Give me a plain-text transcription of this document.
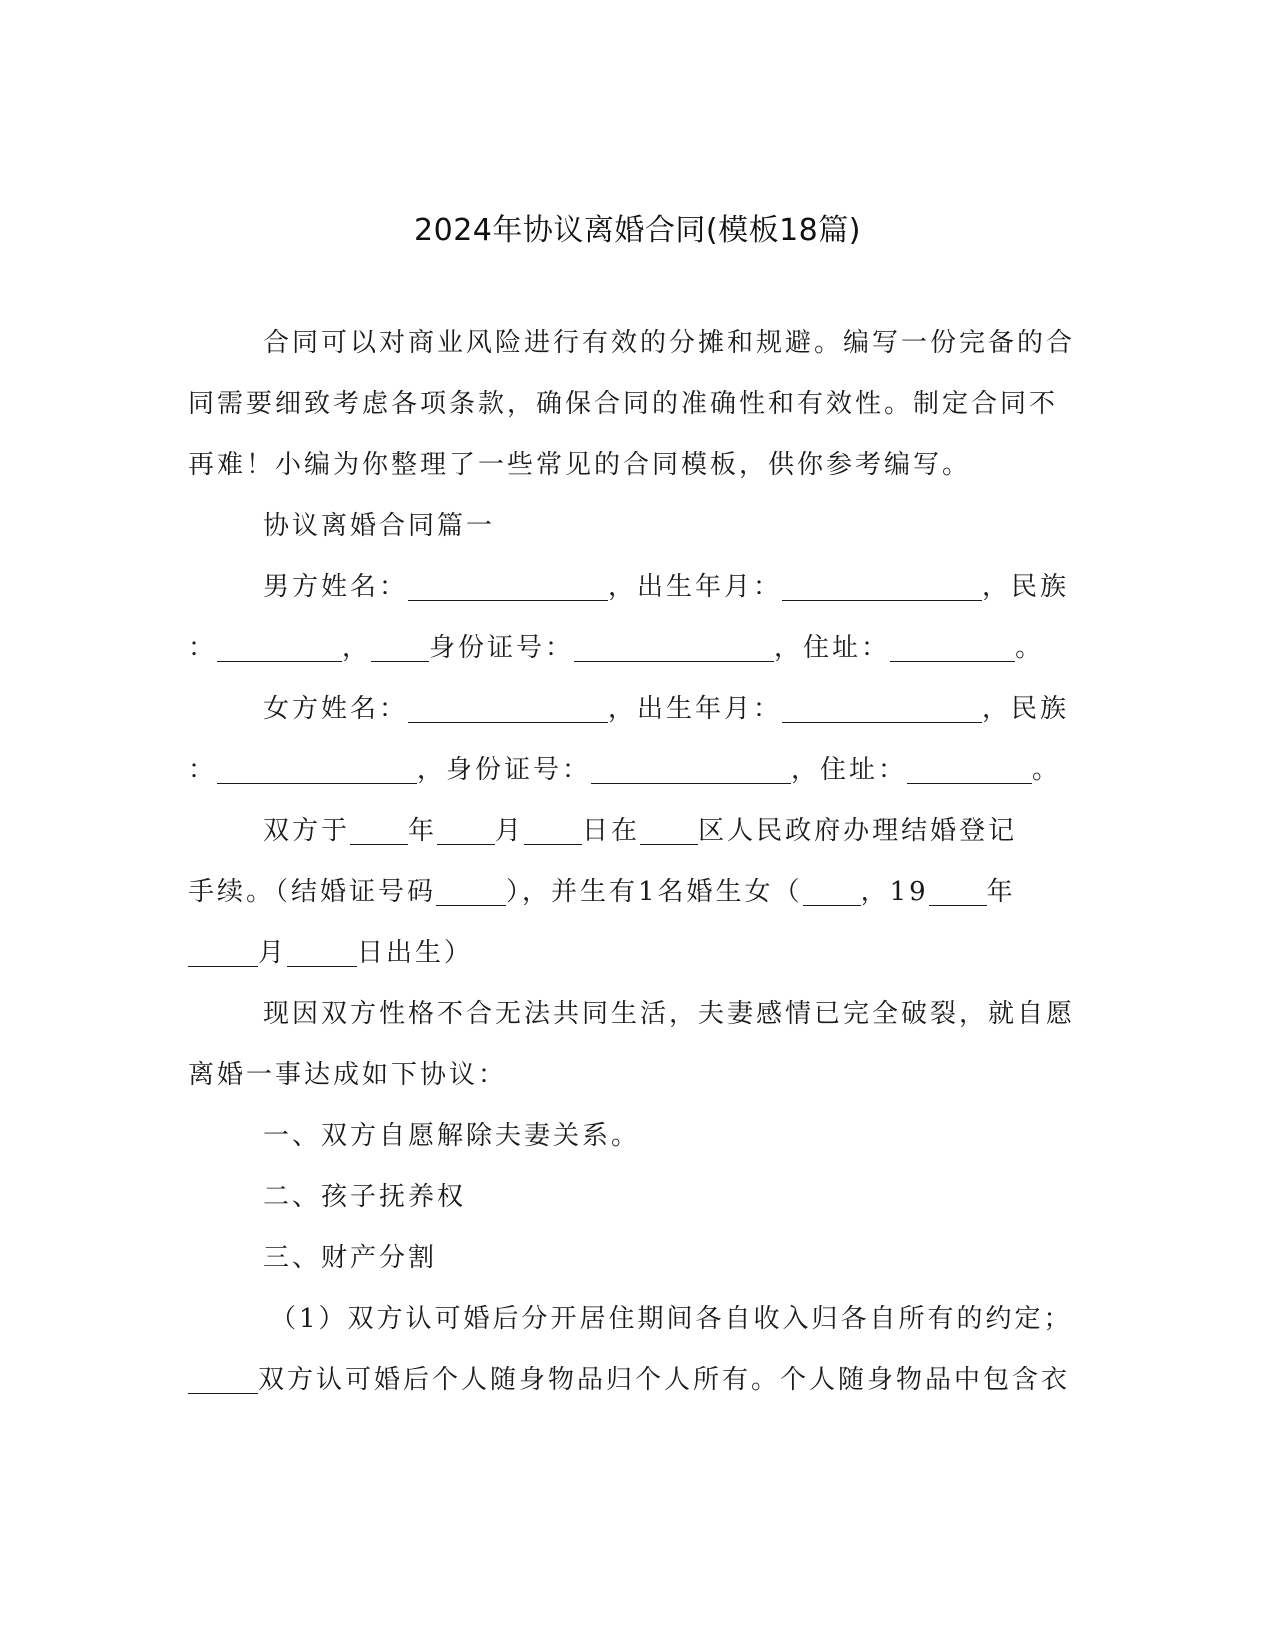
2024年协议离婚合同(模板18篇)
合同可以对商业风险进行有效的分摊和规避。编写一份完备的合
同需要细致考虑各项条款，确保合同的准确性和有效性。制定合同不
再难！小编为你整理了一些常见的合同模板，供你参考编写。
协议离婚合同篇一
男方姓名：	，出生年月：	，民族
：	， 身份证号：	，住址：	。
女方姓名：	，出生年月：	，民族
：	，身份证号：	，住址：	。
双方于 年 月 日在 区人民政府办理结婚登记
手续。（结婚证号码	），并生有1名婚生女（ ，19 年
月	日出生）
现因双方性格不合无法共同生活，夫妻感情已完全破裂，就自愿
离婚一事达成如下协议：
一、双方自愿解除夫妻关系。
二、孩子抚养权
三、财产分割
（1）双方认可婚后分开居住期间各自收入归各自所有的约定；
双方认可婚后个人随身物品归个人所有。个人随身物品中包含衣
